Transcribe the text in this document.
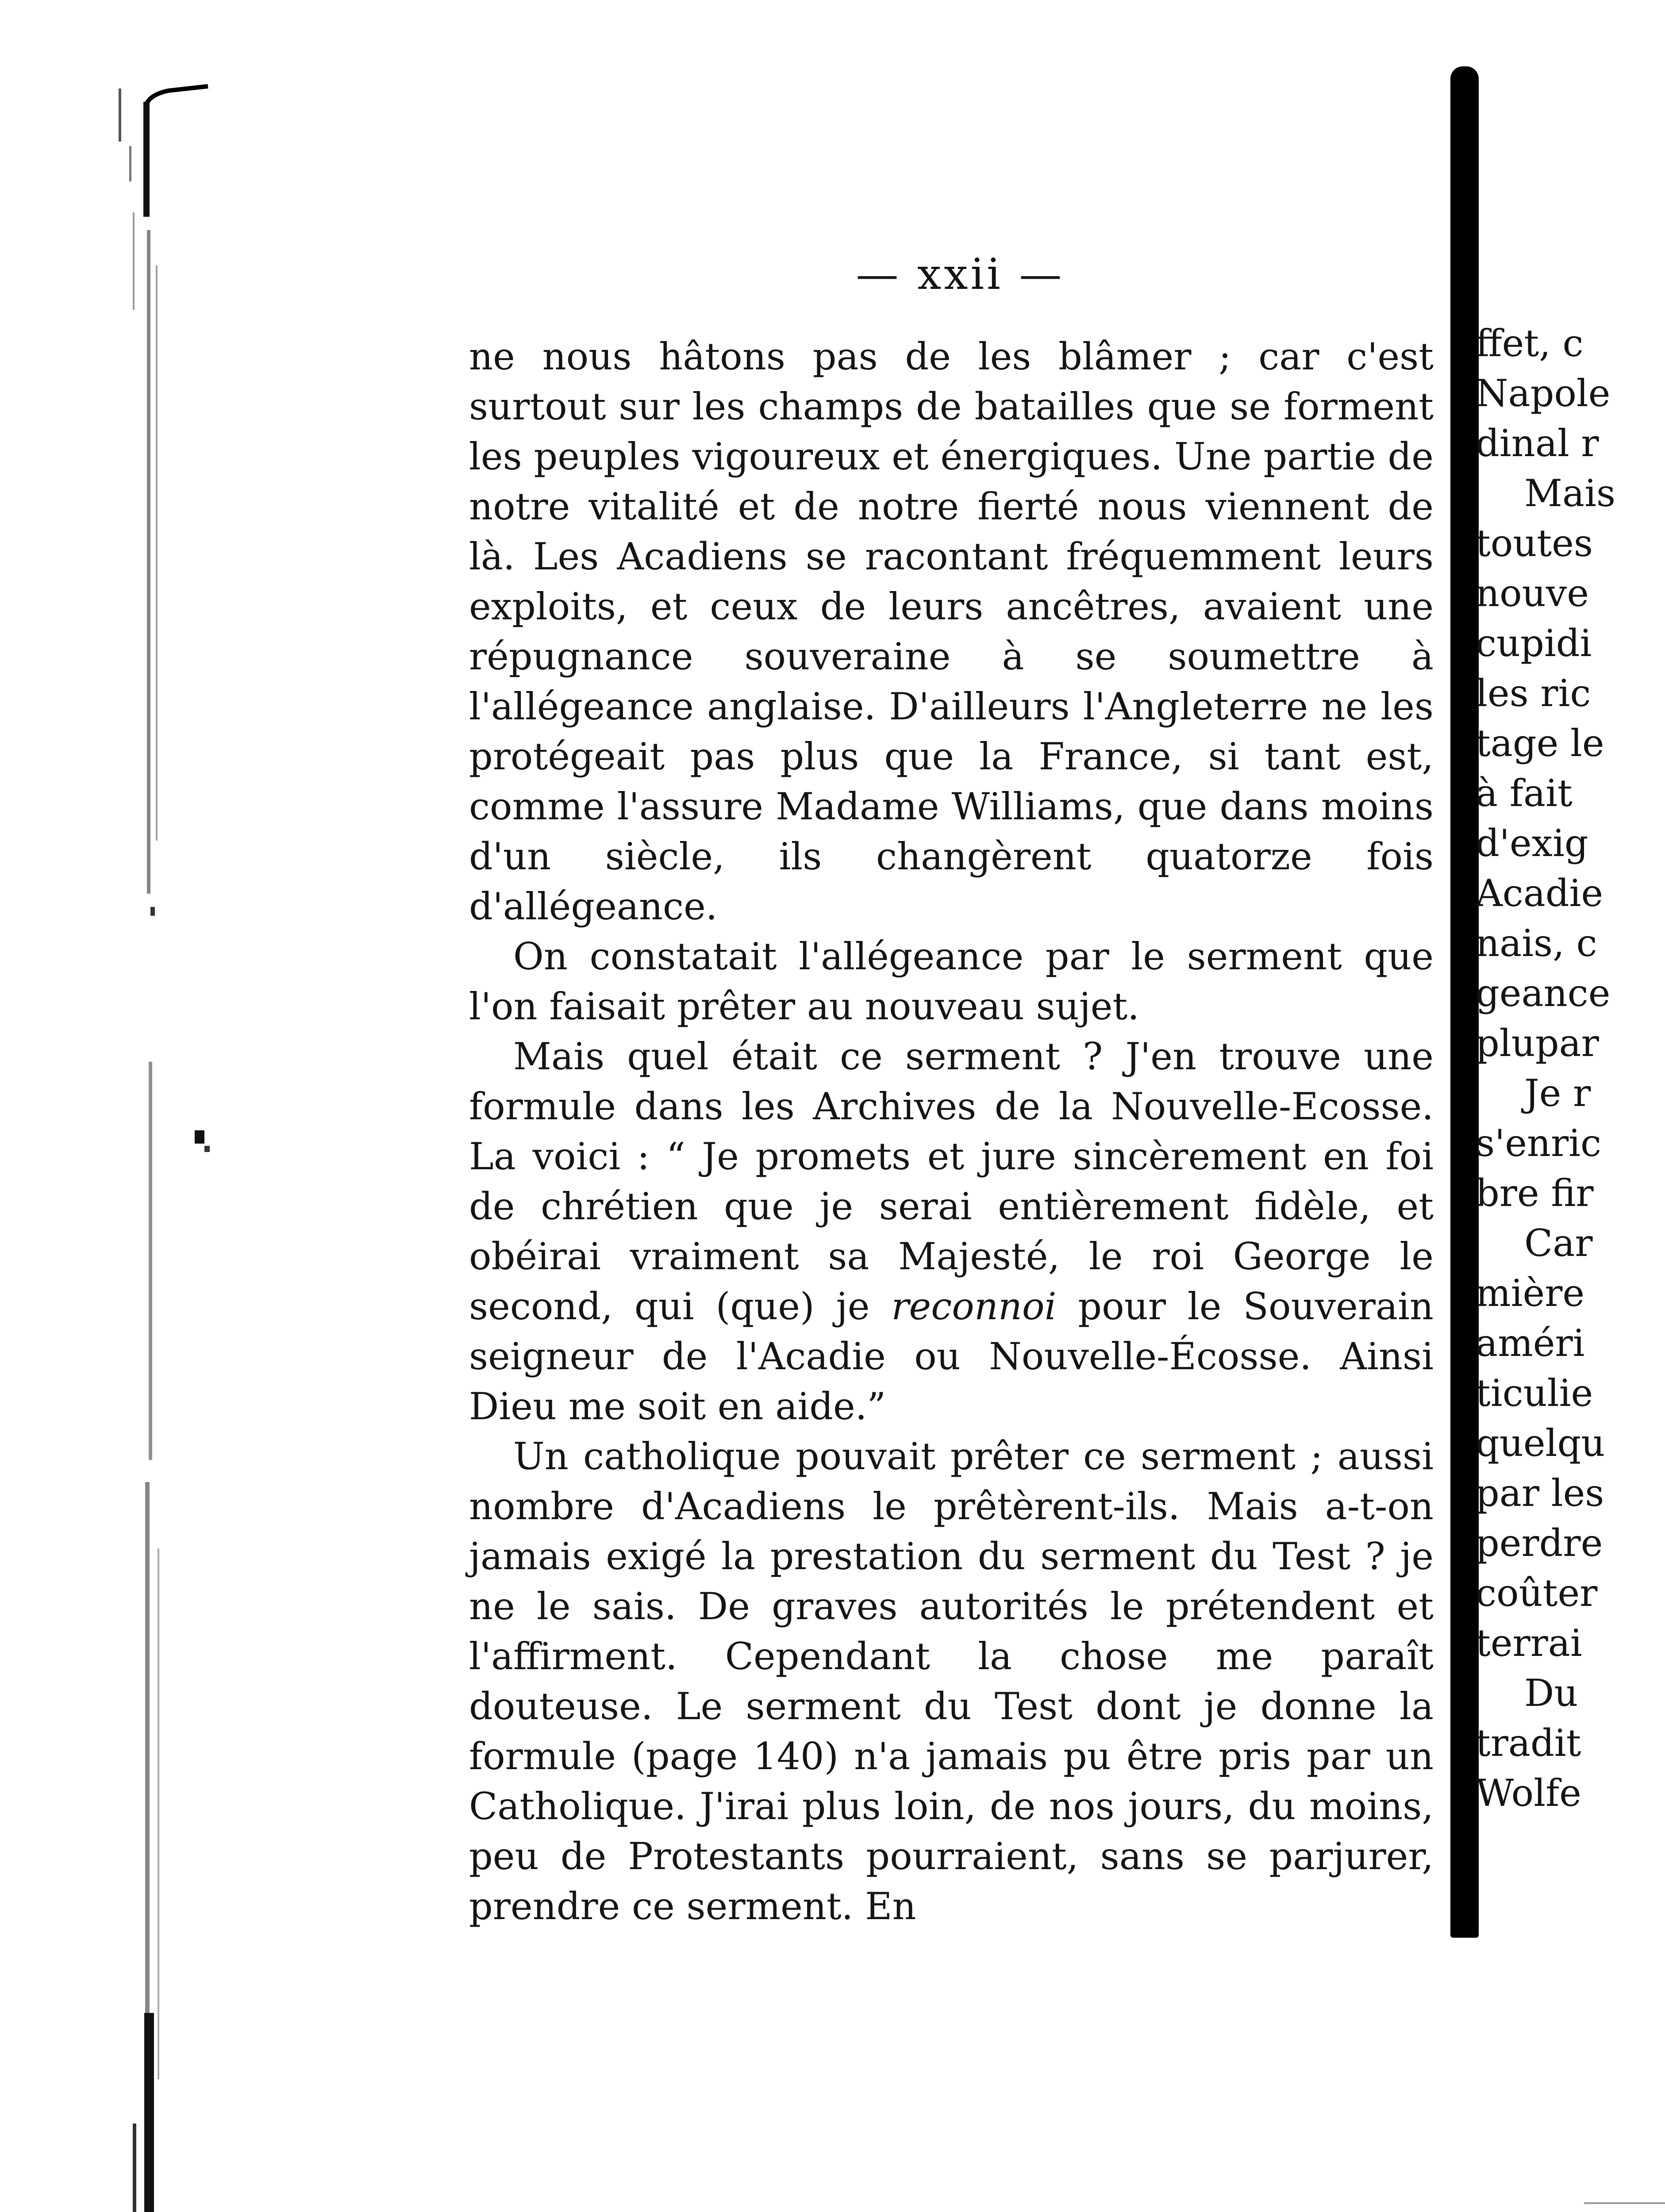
— xxii —

ne nous hâtons pas de les blâmer ; car c'est surtout sur les champs de batailles que se forment les peuples vigoureux et énergiques. Une partie de notre vitalité et de notre fierté nous viennent de là. Les Acadiens se racontant fréquemment leurs exploits, et ceux de leurs ancêtres, avaient une répugnance souveraine à se soumettre à l'allégeance anglaise. D'ailleurs l'Angleterre ne les protégeait pas plus que la France, si tant est, comme l'assure Madame Williams, que dans moins d'un siècle, ils changèrent quatorze fois d'allégeance.

On constatait l'allégeance par le serment que l'on faisait prêter au nouveau sujet.

Mais quel était ce serment ? J'en trouve une formule dans les Archives de la Nouvelle-Ecosse. La voici : “ Je promets et jure sincèrement en foi de chrétien que je serai entièrement fidèle, et obéirai vraiment sa Majesté, le roi George le second, qui (que) je reconnoi pour le Souverain seigneur de l'Acadie ou Nouvelle-Écosse. Ainsi Dieu me soit en aide.”

Un catholique pouvait prêter ce serment ; aussi nombre d'Acadiens le prêtèrent-ils. Mais a-t-on jamais exigé la prestation du serment du Test ? je ne le sais. De graves autorités le prétendent et l'affirment. Cependant la chose me paraît douteuse. Le serment du Test dont je donne la formule (page 140) n'a jamais pu être pris par un Catholique. J'irai plus loin, de nos jours, du moins, peu de Protestants pourraient, sans se parjurer, prendre ce serment. En

ffet, c
Napole
dinal r
Mais
toutes
nouve
cupidi
les ric
tage le
à fait
d'exig
Acadie
nais, c
geance
plupar
Je r
s'enric
bre fir
Car
mière
améri
ticulie
quelqu
par les
perdre
coûter
terrai
Du
tradit
Wolfe
